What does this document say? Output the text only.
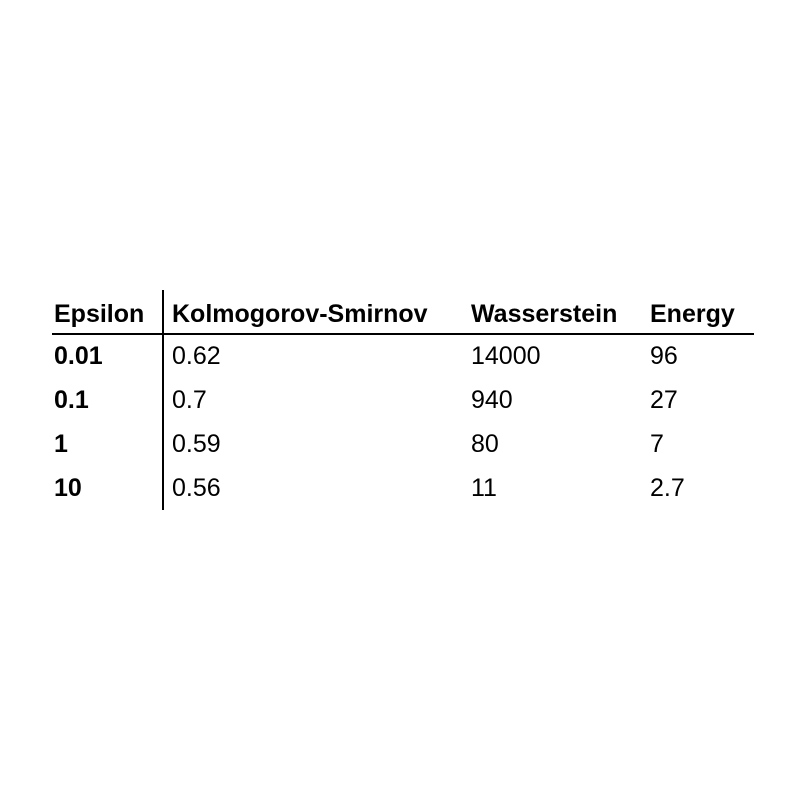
Epsilon Kolmogorov-Smirnov Wasserstein Energy
0.01	0.62	14000	96
0.1	0.7	940	27
1	0.59	80	7
10	0.56	11	2.7
